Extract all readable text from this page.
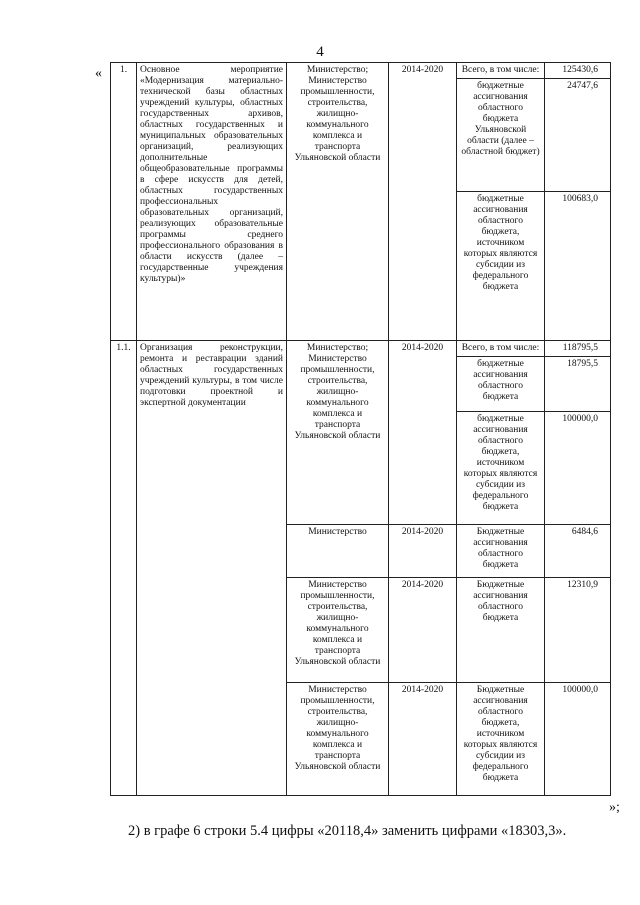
4
« 1.	Основное мероприятие «Модернизация материально-технической базы областных учреждений культуры, областных государственных архивов, областных государственных и муниципальных образовательных организаций, реализующих дополнительные общеобразовательные программы в сфере искусств для детей, областных государственных профессиональных образовательных организаций, реализующих образовательные программы среднего профессионального образования в области искусств (далее – государственные учреждения культуры)»	Министерство; Министерство промышленности, строительства, жилищно-коммунального комплекса и транспорта Ульяновской области	2014-2020	Всего, в том числе:	125430,6
				бюджетные ассигнования областного бюджета Ульяновской области (далее – областной бюджет)	24747,6
				бюджетные ассигнования областного бюджета, источником которых являются субсидии из федерального бюджета	100683,0
1.1.	Организация реконструкции, ремонта и реставрации зданий областных государственных учреждений культуры, в том числе подготовки проектной и экспертной документации	Министерство; Министерство промышленности, строительства, жилищно-коммунального комплекса и транспорта Ульяновской области	2014-2020	Всего, в том числе:	118795,5
				бюджетные ассигнования областного бюджета	18795,5
				бюджетные ассигнования областного бюджета, источником которых являются субсидии из федерального бюджета	100000,0
		Министерство	2014-2020	Бюджетные ассигнования областного бюджета	6484,6
		Министерство промышленности, строительства, жилищно-коммунального комплекса и транспорта Ульяновской области	2014-2020	Бюджетные ассигнования областного бюджета	12310,9
		Министерство промышленности, строительства, жилищно-коммунального комплекса и транспорта Ульяновской области	2014-2020	Бюджетные ассигнования областного бюджета, источником которых являются субсидии из федерального бюджета	100000,0
»;
2) в графе 6 строки 5.4 цифры «20118,4» заменить цифрами «18303,3».
